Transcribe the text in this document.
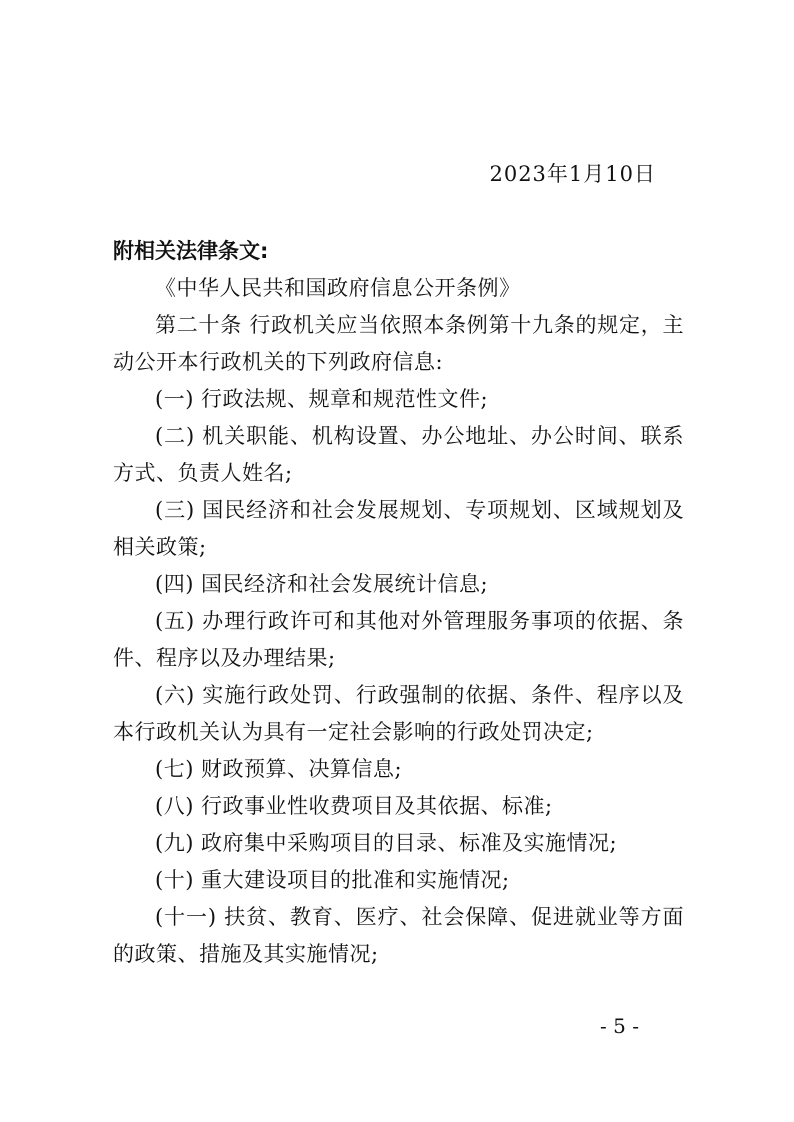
2023年1月10日
附相关法律条文:

《中华人民共和国政府信息公开条例》

第二十条 行政机关应当依照本条例第十九条的规定，主动公开本行政机关的下列政府信息:

(一) 行政法规、规章和规范性文件;

(二) 机关职能、机构设置、办公地址、办公时间、联系方式、负责人姓名;

(三) 国民经济和社会发展规划、专项规划、区域规划及相关政策;

(四) 国民经济和社会发展统计信息;

(五) 办理行政许可和其他对外管理服务事项的依据、条件、程序以及办理结果;

(六) 实施行政处罚、行政强制的依据、条件、程序以及本行政机关认为具有一定社会影响的行政处罚决定;

(七) 财政预算、决算信息;

(八) 行政事业性收费项目及其依据、标准;

(九) 政府集中采购项目的目录、标准及实施情况;

(十) 重大建设项目的批准和实施情况;

(十一) 扶贫、教育、医疗、社会保障、促进就业等方面的政策、措施及其实施情况;

- 5 -
